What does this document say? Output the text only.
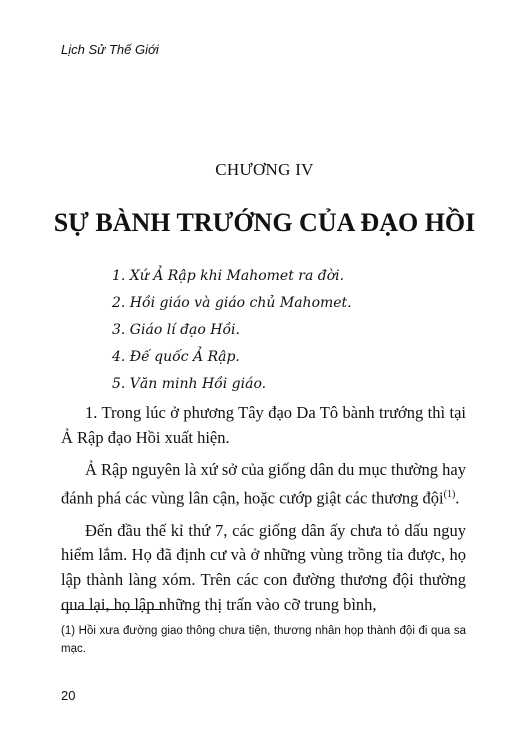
Lịch Sử Thế Giới
CHƯƠNG IV
SỰ BÀNH TRƯỚNG CỦA ĐẠO HỒI
1. Xứ Ả Rập khi Mahomet ra đời.
2. Hồi giáo và giáo chủ Mahomet.
3. Giáo lí đạo Hồi.
4. Đế quốc Ả Rập.
5. Văn minh Hồi giáo.

1. Trong lúc ở phương Tây đạo Da Tô bành trướng thì tại Ả Rập đạo Hồi xuất hiện.

Ả Rập nguyên là xứ sở của giống dân du mục thường hay đánh phá các vùng lân cận, hoặc cướp giật các thương đội$^{(1)}$.

Đến đầu thế kỉ thứ 7, các giống dân ấy chưa tỏ dấu nguy hiểm lắm. Họ đã định cư và ở những vùng trồng tỉa được, họ lập thành làng xóm. Trên các con đường thương đội thường qua lại, họ lập những thị trấn vào cỡ trung bình,

(1) Hồi xưa đường giao thông chưa tiện, thương nhân họp thành đội đi qua sa mạc.
20
